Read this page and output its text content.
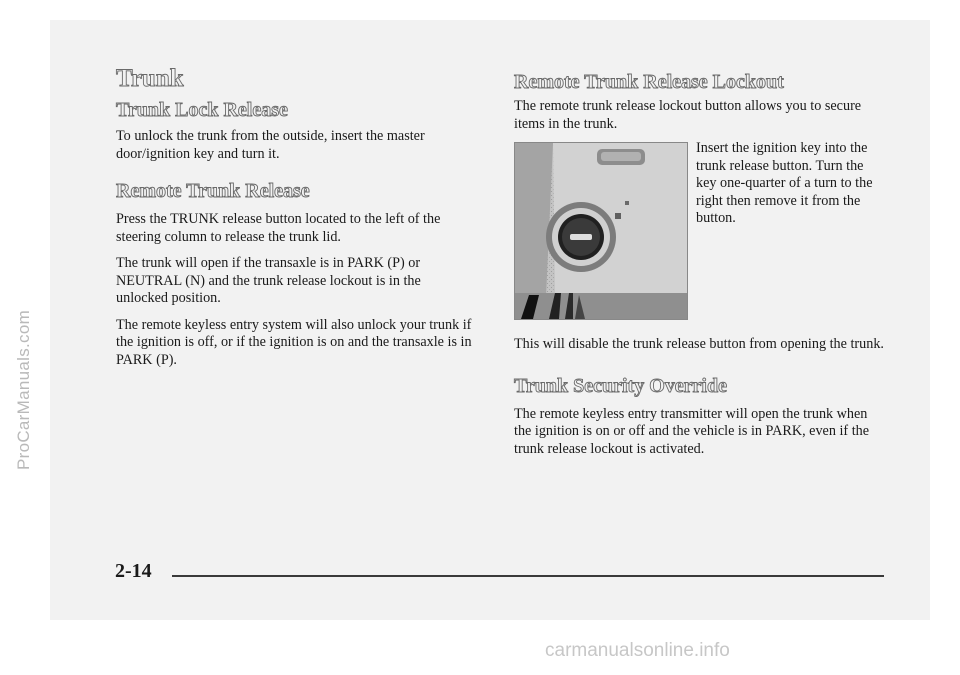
ProCarManuals.com
Trunk
Trunk Lock Release

To unlock the trunk from the outside, insert the master door/ignition key and turn it.

Remote Trunk Release

Press the TRUNK release button located to the left of the steering column to release the trunk lid.

The trunk will open if the transaxle is in PARK (P) or NEUTRAL (N) and the trunk release lockout is in the unlocked position.

The remote keyless entry system will also unlock your trunk if the ignition is off, or if the ignition is on and the transaxle is in PARK (P).

Remote Trunk Release Lockout

The remote trunk release lockout button allows you to secure items in the trunk.

Insert the ignition key into the trunk release button. Turn the key one-quarter of a turn to the right then remove it from the button.

This will disable the trunk release button from opening the trunk.

Trunk Security Override

The remote keyless entry transmitter will open the trunk when the ignition is on or off and the vehicle is in PARK, even if the trunk release lockout is activated.

2-14
carmanualsonline.info
